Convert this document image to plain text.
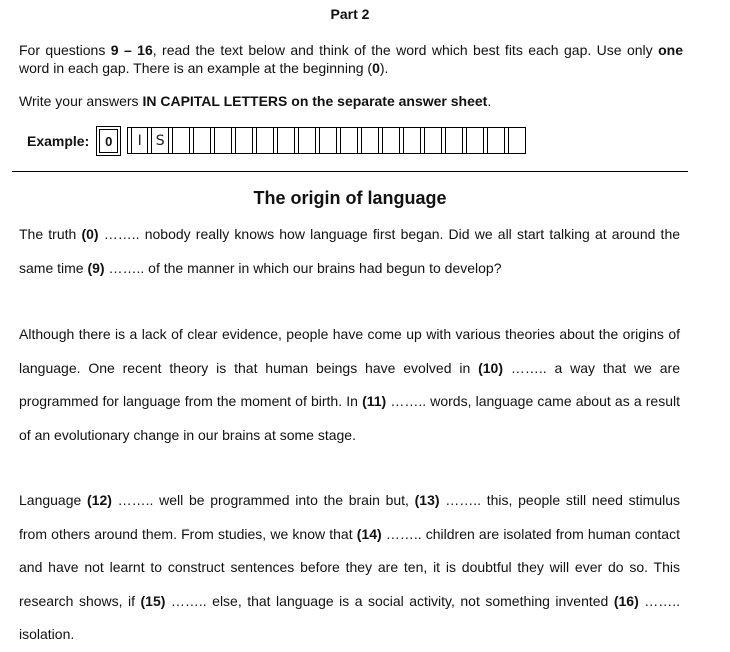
Part 2
For questions 9 – 16, read the text below and think of the word which best fits each gap. Use only one word in each gap. There is an example at the beginning (0).
Write your answers IN CAPITAL LETTERS on the separate answer sheet.
Example:	0	I S
The origin of language
The truth (0) …….. nobody really knows how language first began. Did we all start talking at around the same time (9) …….. of the manner in which our brains had begun to develop?
Although there is a lack of clear evidence, people have come up with various theories about the origins of language. One recent theory is that human beings have evolved in (10) …….. a way that we are programmed for language from the moment of birth. In (11) …….. words, language came about as a result of an evolutionary change in our brains at some stage.
Language (12) …….. well be programmed into the brain but, (13) …….. this, people still need stimulus from others around them. From studies, we know that (14) …….. children are isolated from human contact and have not learnt to construct sentences before they are ten, it is doubtful they will ever do so. This research shows, if (15) …….. else, that language is a social activity, not something invented (16) …….. isolation.
